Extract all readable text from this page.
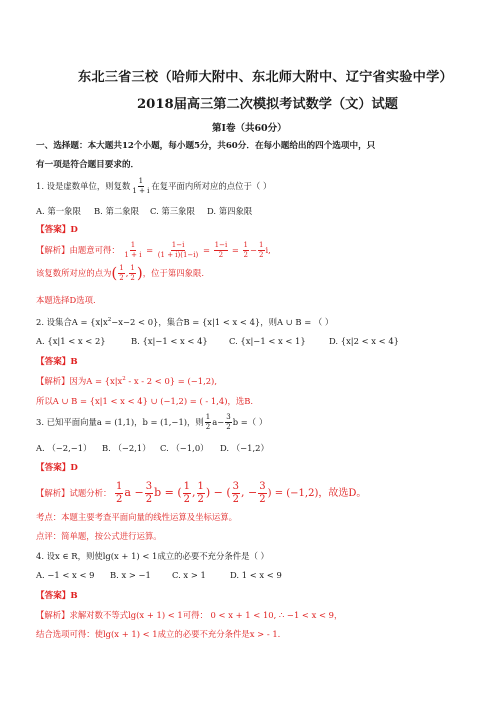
东北三省三校（哈师大附中、东北师大附中、辽宁省实验中学）
2018届高三第二次模拟考试数学（文）试题
第Ⅰ卷（共60分）
一、选择题：本大题共12个小题，每小题5分，共60分．在每小题给出的四个选项中，只
有一项是符合题目要求的．
1. 设是虚数单位，则复数 $\frac{1}{1 + i}$ 在复平面内所对应的点位于（ ）
A. 第一象限 B. 第二象限 C. 第三象限 D. 第四象限
【答案】D
【解析】由题意可得： $\frac{1}{1 + i} = \frac{1-i}{(1 + i)(1-i)} = \frac{1-i}{2} = \frac{1}{2} - \frac{1}{2} i$,
该复数所对应的点为( $\frac{1}{2}$ , $\frac{1}{2}$ )，位于第四象限.
本题选择D选项.
2. 设集合$A = \{x|x^2-x-2 < 0\}$，集合B = {x|1 < x < 4}，则A ∪ B = （ ）
A. {x|1 < x < 2}	B. {x|−1 < x < 4}	C. {x|−1 < x < 1}	D. {x|2 < x < 4}
【答案】B
【解析】因为$A = \{x|x^2 - x - 2 < 0\} = (-1,2)$,
所以A ∪ B = {x|1 < x < 4} ∪ (−1,2) = ( - 1,4)，选B.
3. 已知平面向量a = (1,1)，b = (1,−1)，则 $\frac{1}{2} a- \frac{3}{2}$ b =（ ）
A. （−2,−1） B. （−2,1） C. （−1,0） D. （−1,2）
【答案】D
【解析】试题分析： $\frac{1}{2}$ $a - \frac{3}{2}$ b = ( $\frac{1}{2}$ , $\frac{1}{2}$ ) − ( $\frac{3}{2}$ , − $\frac{3}{2}$ ) = (−1,2)，故选D。
考点：本题主要考查平面向量的线性运算及坐标运算。
点评：简单题，按公式进行运算。
4. 设x ∈ R，则使lg(x + 1) < 1成立的必要不充分条件是（ ）
A. −1 < x < 9 B. x > −1	C. x > 1	D. 1 < x < 9
【答案】B
【解析】求解对数不等式lg(x + 1) < 1可得： 0 < x + 1 < 10, ∴ −1 < x < 9，
结合选项可得：使lg(x + 1) < 1成立的必要不充分条件是x > - 1.
